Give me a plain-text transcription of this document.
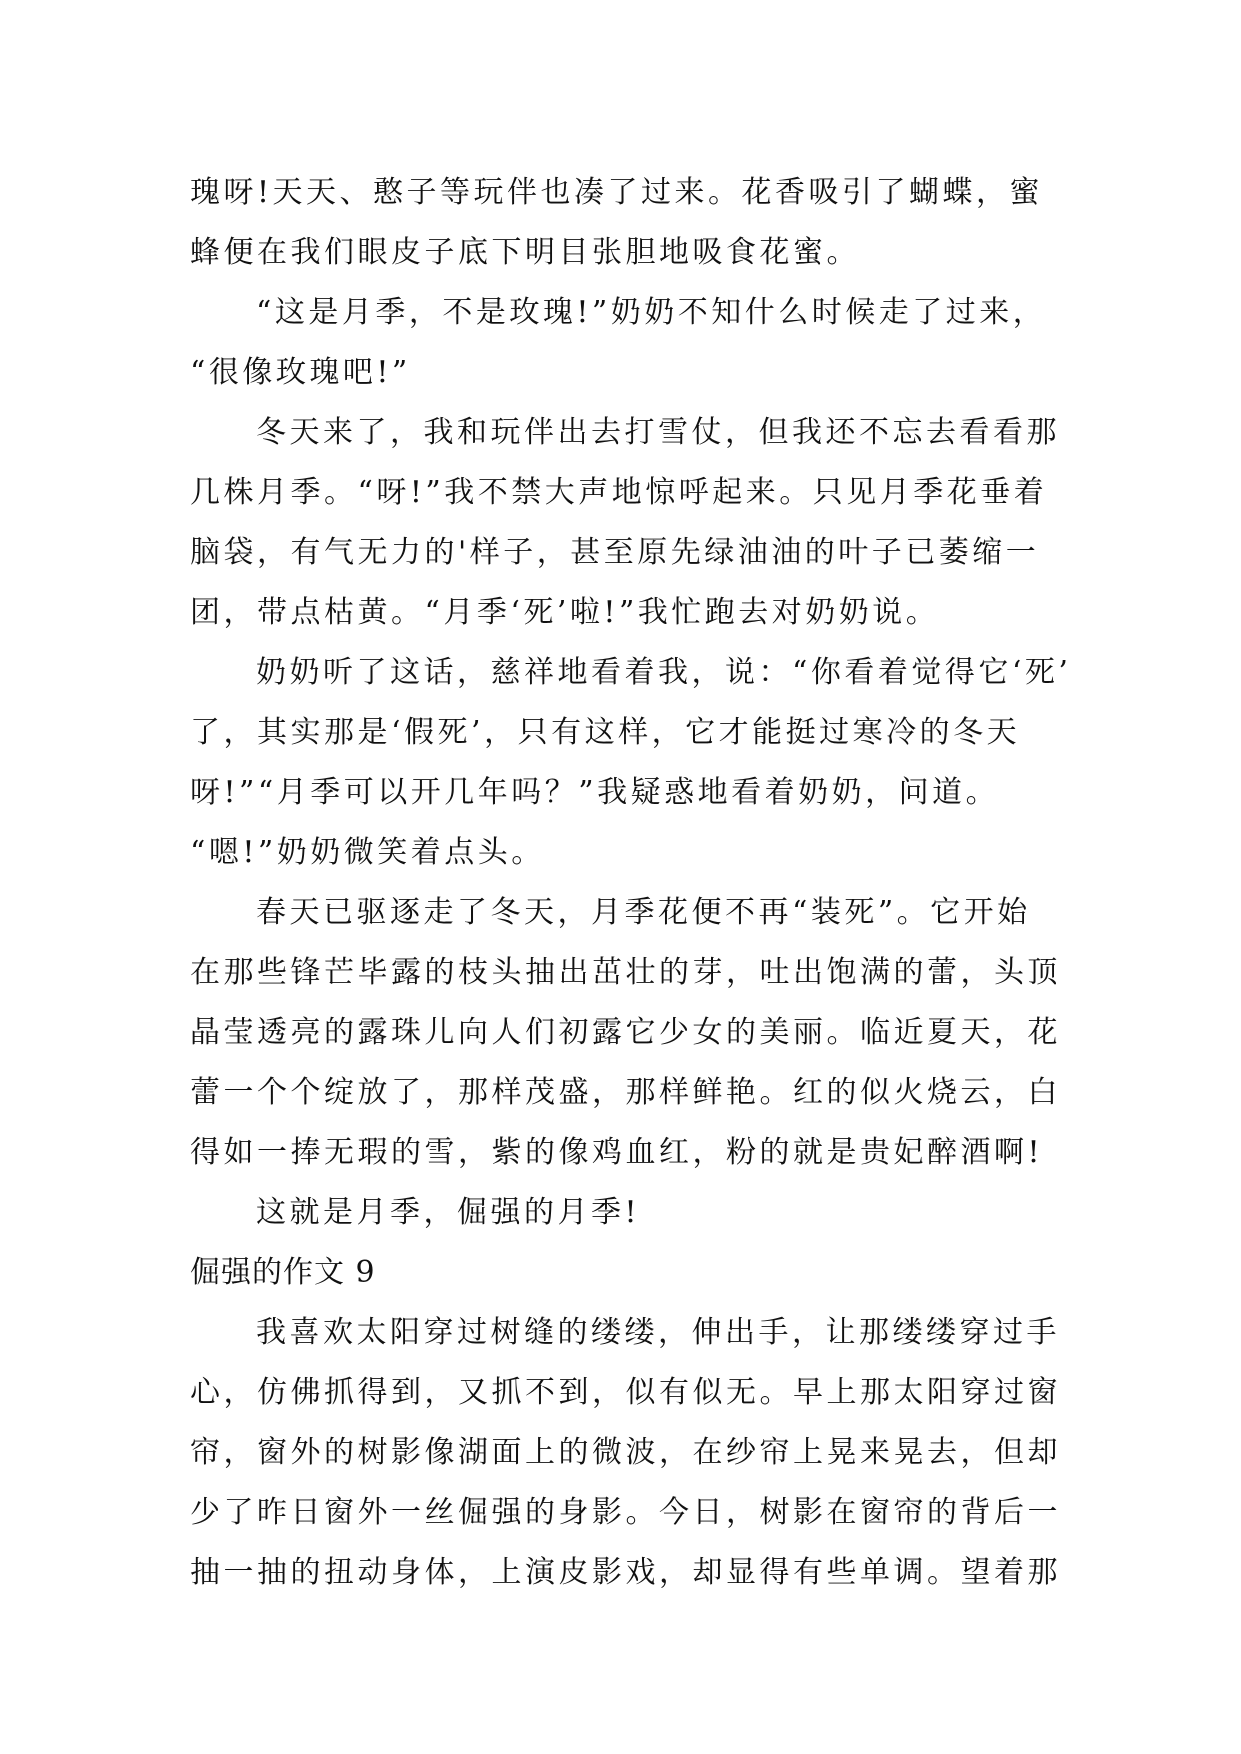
瑰呀!天天、憨子等玩伴也凑了过来。花香吸引了蝴蝶，蜜
蜂便在我们眼皮子底下明目张胆地吸食花蜜。
“这是月季，不是玫瑰!”奶奶不知什么时候走了过来，
“很像玫瑰吧!”
冬天来了，我和玩伴出去打雪仗，但我还不忘去看看那
几株月季。“呀!”我不禁大声地惊呼起来。只见月季花垂着
脑袋，有气无力的'样子，甚至原先绿油油的叶子已萎缩一
团，带点枯黄。“月季‘死’啦!”我忙跑去对奶奶说。
奶奶听了这话，慈祥地看着我，说：“你看着觉得它‘死’
了，其实那是‘假死’，只有这样，它才能挺过寒冷的冬天
呀!”“月季可以开几年吗？”我疑惑地看着奶奶，问道。
“嗯!”奶奶微笑着点头。
春天已驱逐走了冬天，月季花便不再“装死”。它开始
在那些锋芒毕露的枝头抽出茁壮的芽，吐出饱满的蕾，头顶
晶莹透亮的露珠儿向人们初露它少女的美丽。临近夏天，花
蕾一个个绽放了，那样茂盛，那样鲜艳。红的似火烧云，白
得如一捧无瑕的雪，紫的像鸡血红，粉的就是贵妃醉酒啊!
这就是月季，倔强的月季!
倔强的作文 9
我喜欢太阳穿过树缝的缕缕，伸出手，让那缕缕穿过手
心，仿佛抓得到，又抓不到，似有似无。早上那太阳穿过窗
帘，窗外的树影像湖面上的微波，在纱帘上晃来晃去，但却
少了昨日窗外一丝倔强的身影。今日，树影在窗帘的背后一
抽一抽的扭动身体，上演皮影戏，却显得有些单调。望着那
